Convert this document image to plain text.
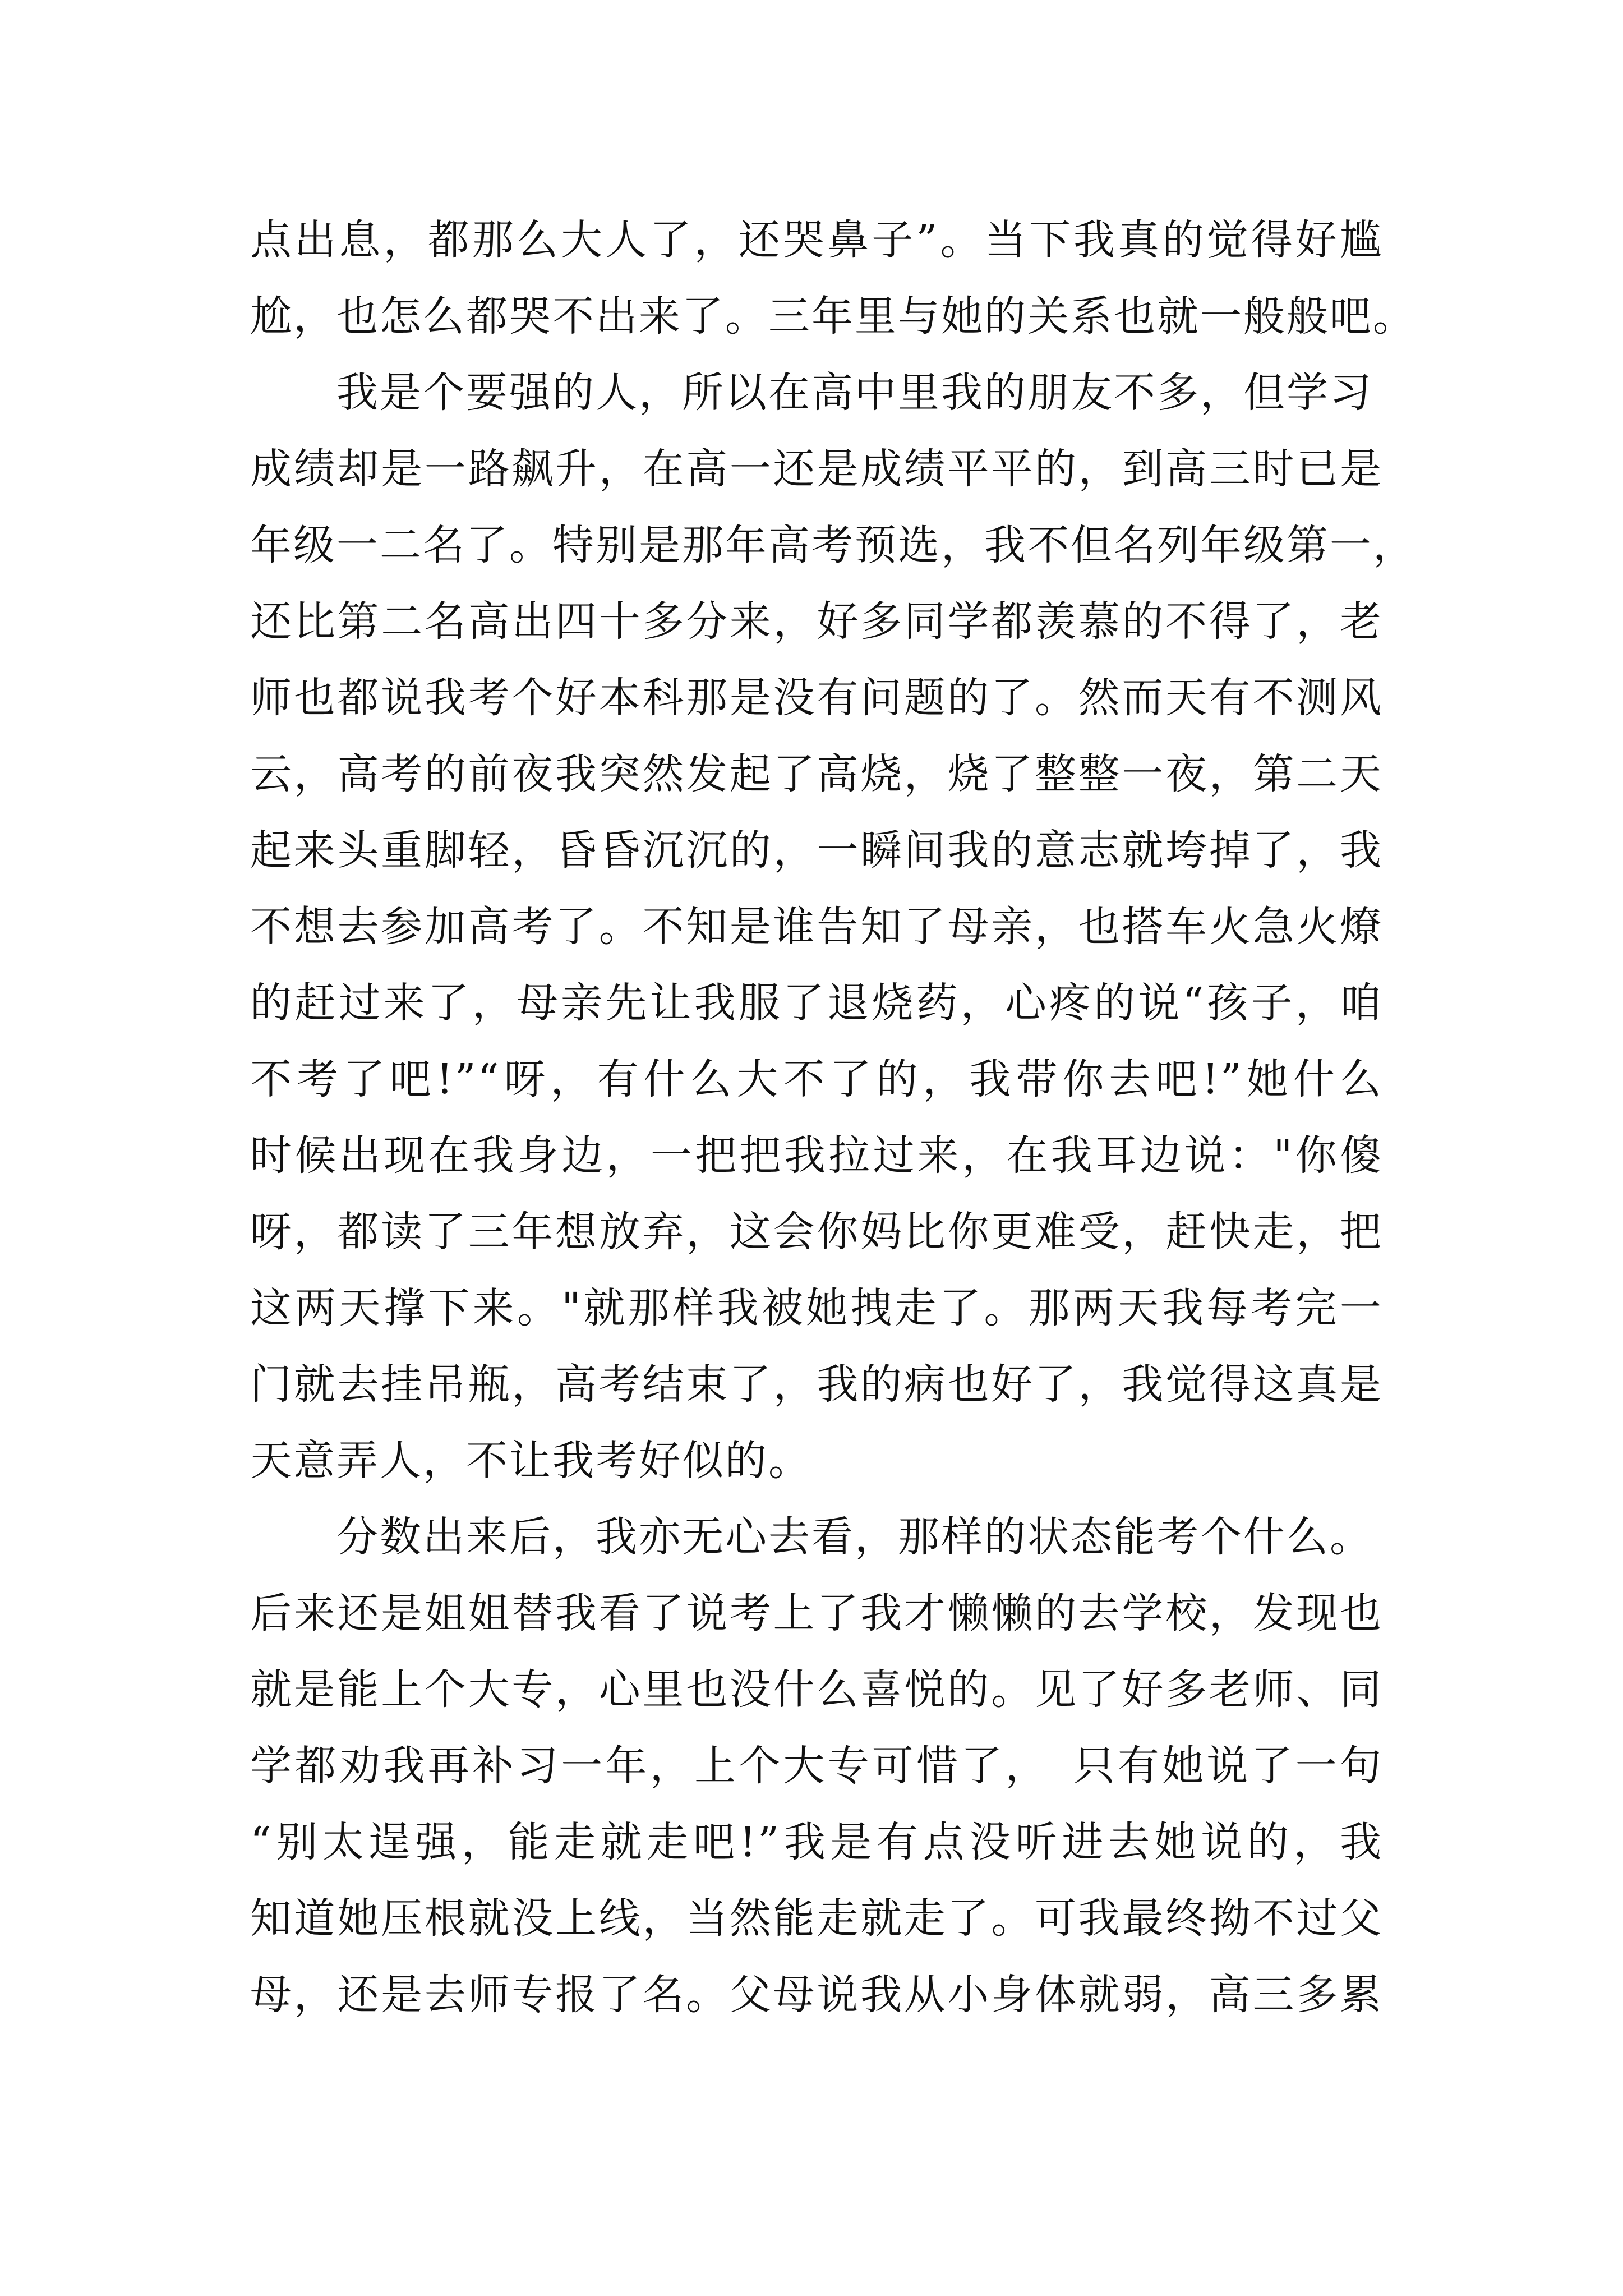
点出息，都那么大人了，还哭鼻子”。当下我真的觉得好尴
尬，也怎么都哭不出来了。三年里与她的关系也就一般般吧。
　　我是个要强的人，所以在高中里我的朋友不多，但学习
成绩却是一路飙升，在高一还是成绩平平的，到高三时已是
年级一二名了。特别是那年高考预选，我不但名列年级第一，
还比第二名高出四十多分来，好多同学都羡慕的不得了，老
师也都说我考个好本科那是没有问题的了。然而天有不测风
云，高考的前夜我突然发起了高烧，烧了整整一夜，第二天
起来头重脚轻，昏昏沉沉的，一瞬间我的意志就垮掉了，我
不想去参加高考了。不知是谁告知了母亲，也搭车火急火燎
的赶过来了，母亲先让我服了退烧药，心疼的说“孩子，咱
不考了吧!”“呀，有什么大不了的，我带你去吧!”她什么
时候出现在我身边，一把把我拉过来，在我耳边说："你傻
呀，都读了三年想放弃，这会你妈比你更难受，赶快走，把
这两天撑下来。"就那样我被她拽走了。那两天我每考完一
门就去挂吊瓶，高考结束了，我的病也好了，我觉得这真是
天意弄人，不让我考好似的。
　　分数出来后，我亦无心去看，那样的状态能考个什么。
后来还是姐姐替我看了说考上了我才懒懒的去学校，发现也
就是能上个大专，心里也没什么喜悦的。见了好多老师、同
学都劝我再补习一年，上个大专可惜了，　只有她说了一句
“别太逞强，能走就走吧!”我是有点没听进去她说的，我
知道她压根就没上线，当然能走就走了。可我最终拗不过父
母，还是去师专报了名。父母说我从小身体就弱，高三多累
